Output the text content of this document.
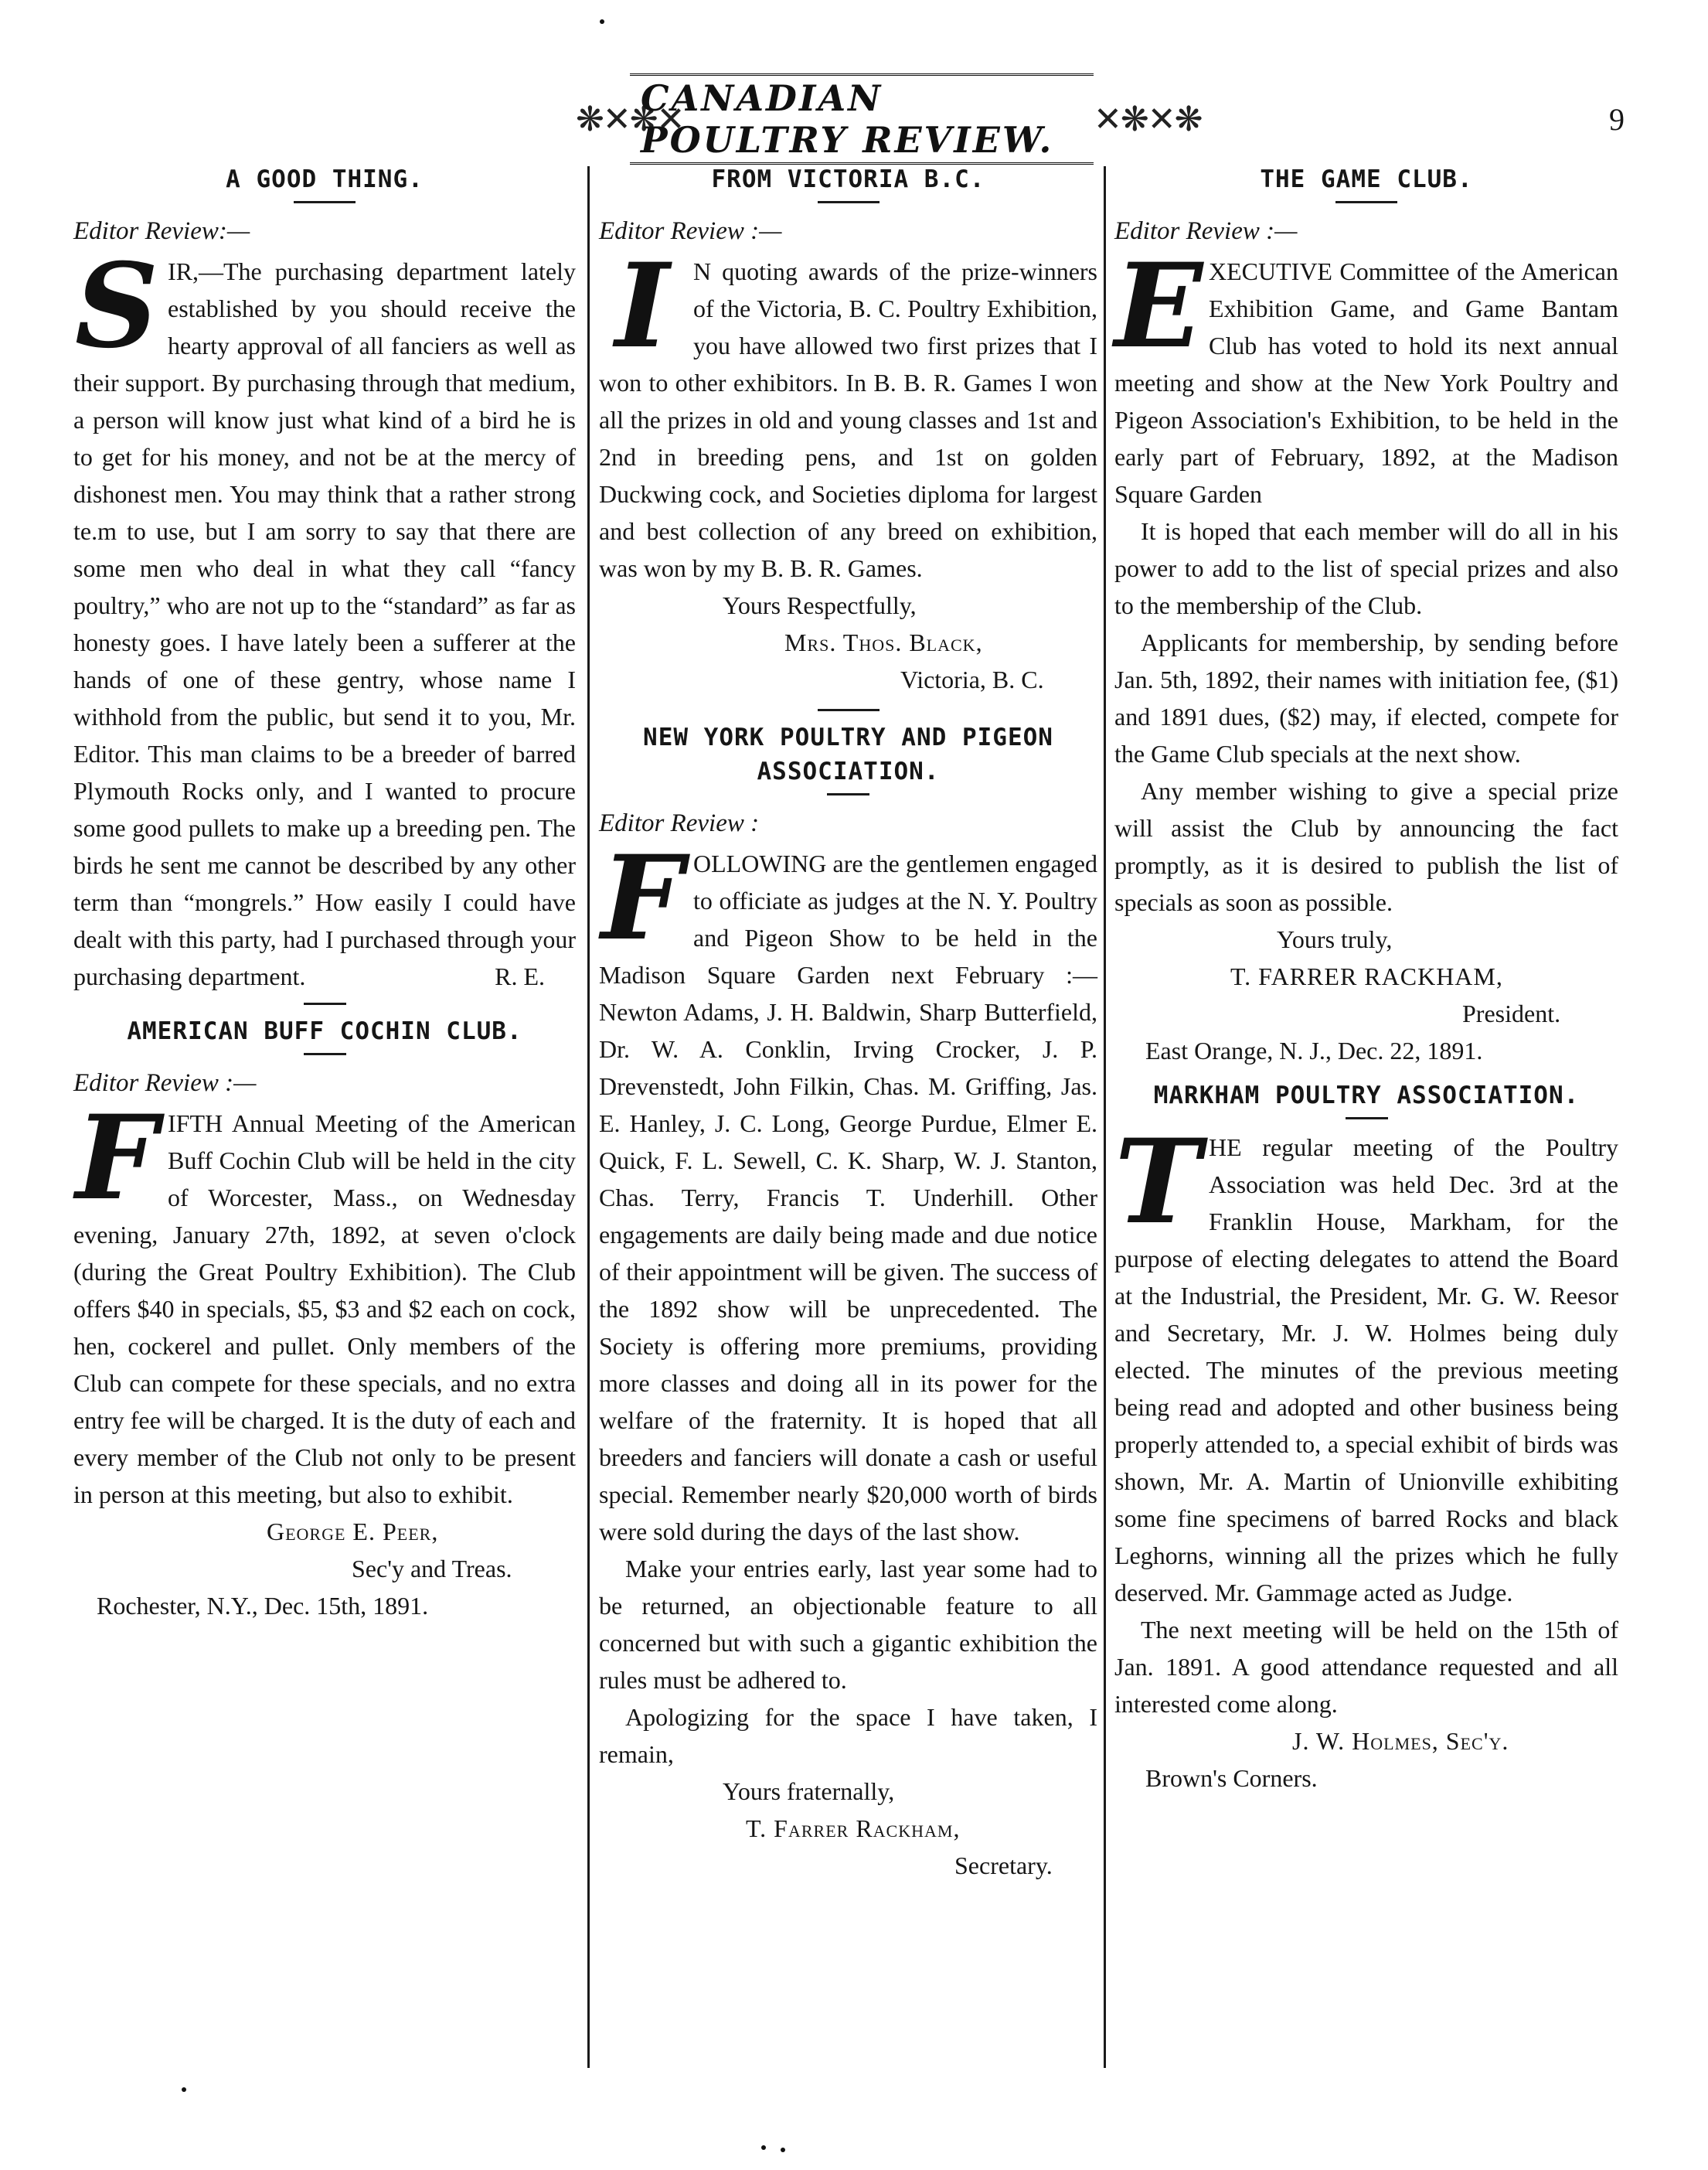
❋✕❋✕
CANADIAN POULTRY REVIEW.	✕❋✕❋	9
A GOOD THING.
Editor Review:—
S IR,—The purchasing department lately established by you should receive the hearty approval of all fanciers as well as their support. By purchasing through that medium, a person will know just what kind of a bird he is to get for his money, and not be at the mercy of dishonest men. You may think that a rather strong te.m to use, but I am sorry to say that there are some men who deal in what they call “fancy poultry,” who are not up to the “standard” as far as honesty goes. I have lately been a sufferer at the hands of one of these gentry, whose name I withhold from the public, but send it to you, Mr. Editor. This man claims to be a breeder of barred Plymouth Rocks only, and I wanted to procure some good pullets to make up a breeding pen. The birds he sent me cannot be described by any other term than “mongrels.” How easily I could have dealt with this party, had I purchased through your purchasing department.	R. E.

AMERICAN BUFF COCHIN CLUB.
Editor Review :—
F IFTH Annual Meeting of the American Buff Cochin Club will be held in the city of Worcester, Mass., on Wednesday evening, January 27th, 1892, at seven o'clock (during the Great Poultry Exhibition). The Club offers $40 in specials, $5, $3 and $2 each on cock, hen, cockerel and pullet. Only members of the Club can compete for these specials, and no extra entry fee will be charged. It is the duty of each and every member of the Club not only to be present in person at this meeting, but also to exhibit.

George E. Peer,

Sec'y and Treas.

Rochester, N.Y., Dec. 15th, 1891.

FROM VICTORIA B.C.
Editor Review :—
I N quoting awards of the prize-winners of the Victoria, B. C. Poultry Exhibition, you have allowed two first prizes that I won to other exhibitors. In B. B. R. Games I won all the prizes in old and young classes and 1st and 2nd in breeding pens, and 1st on golden Duckwing cock, and Societies diploma for largest and best collection of any breed on exhibition, was won by my B. B. R. Games.

Yours Respectfully,

Mrs. Thos. Black,

Victoria, B. C.

NEW YORK POULTRY AND PIGEON ASSOCIATION.
Editor Review :
F OLLOWING are the gentlemen engaged to officiate as judges at the N. Y. Poultry and Pigeon Show to be held in the Madison Square Garden next February :—Newton Adams, J. H. Baldwin, Sharp Butterfield, Dr. W. A. Conklin, Irving Crocker, J. P. Drevenstedt, John Filkin, Chas. M. Griffing, Jas. E. Hanley, J. C. Long, George Purdue, Elmer E. Quick, F. L. Sewell, C. K. Sharp, W. J. Stanton, Chas. Terry, Francis T. Underhill. Other engagements are daily being made and due notice of their appointment will be given. The success of the 1892 show will be unprecedented. The Society is offering more premiums, providing more classes and doing all in its power for the welfare of the fraternity. It is hoped that all breeders and fanciers will donate a cash or useful special. Remember nearly $20,000 worth of birds were sold during the days of the last show.

Make your entries early, last year some had to be returned, an objectionable feature to all concerned but with such a gigantic exhibition the rules must be adhered to.

Apologizing for the space I have taken, I remain,

Yours fraternally,

T. Farrer Rackham,

Secretary.

THE GAME CLUB.
Editor Review :—
E XECUTIVE Committee of the American Exhibition Game, and Game Bantam Club has voted to hold its next annual meeting and show at the New York Poultry and Pigeon Association's Exhibition, to be held in the early part of February, 1892, at the Madison Square Garden

It is hoped that each member will do all in his power to add to the list of special prizes and also to the membership of the Club.

Applicants for membership, by sending before Jan. 5th, 1892, their names with initiation fee, ($1) and 1891 dues, ($2) may, if elected, compete for the Game Club specials at the next show.

Any member wishing to give a special prize will assist the Club by announcing the fact promptly, as it is desired to publish the list of specials as soon as possible.

Yours truly,

T. FARRER RACKHAM,

President.

East Orange, N. J., Dec. 22, 1891.

MARKHAM POULTRY ASSOCIATION.
T HE regular meeting of the Poultry Association was held Dec. 3rd at the Franklin House, Markham, for the purpose of electing delegates to attend the Board at the Industrial, the President, Mr. G. W. Reesor and Secretary, Mr. J. W. Holmes being duly elected. The minutes of the previous meeting being read and adopted and other business being properly attended to, a special exhibit of birds was shown, Mr. A. Martin of Unionville exhibiting some fine specimens of barred Rocks and black Leghorns, winning all the prizes which he fully deserved. Mr. Gammage acted as Judge.

The next meeting will be held on the 15th of Jan. 1891. A good attendance requested and all interested come along.

J. W. Holmes, Sec'y.

Brown's Corners.
